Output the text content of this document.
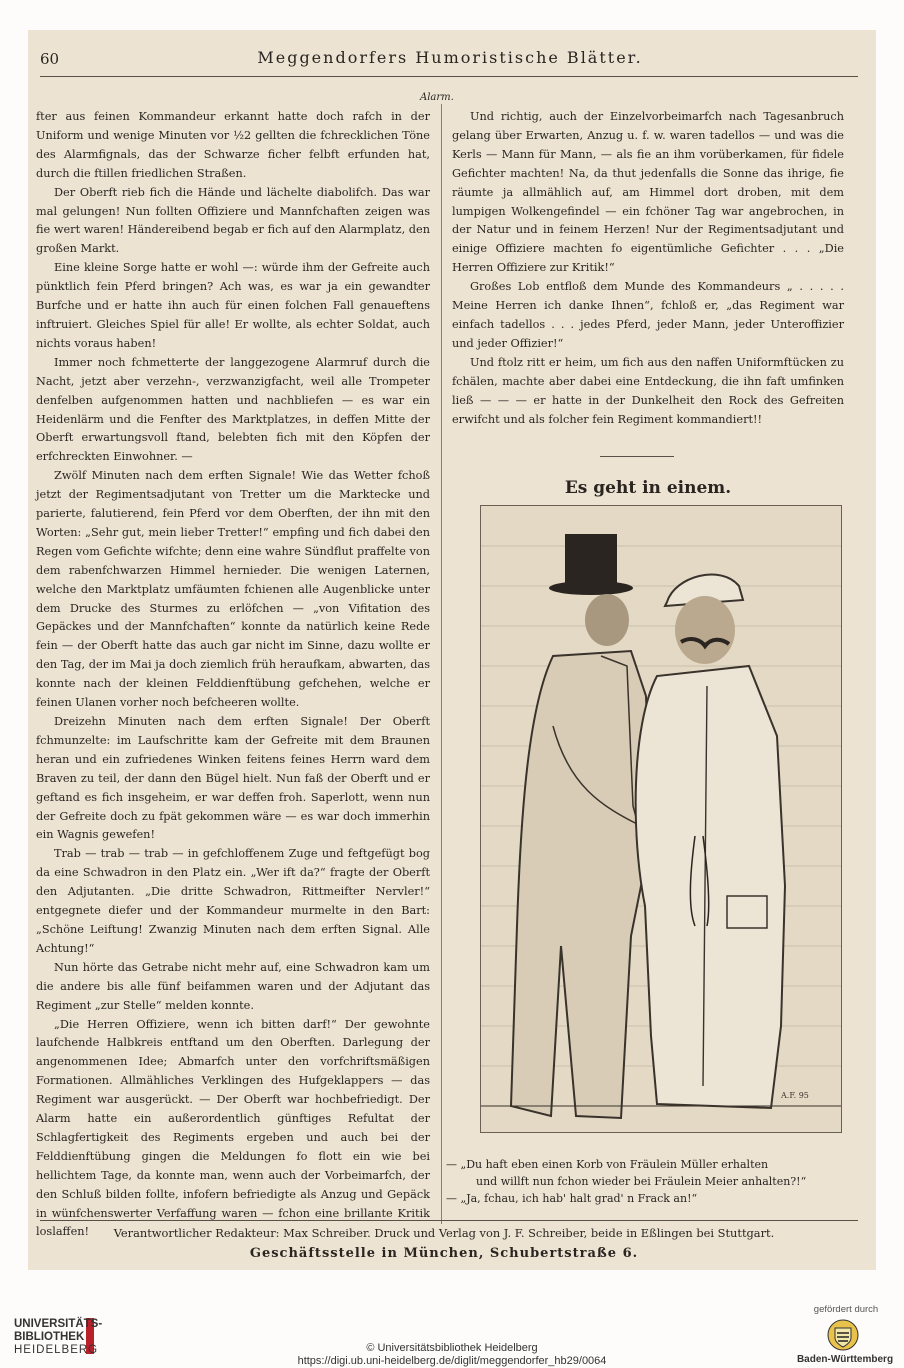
60	Meggendorfers Humoristische Blätter.
Alarm.

fter aus feinen Kommandeur erkannt hatte doch rafch in der Uniform und wenige Minuten vor ½2 gellten die fchrecklichen Töne des Alarmfignals, das der Schwarze ficher felbft erfunden hat, durch die ftillen friedlichen Straßen.

Der Oberft rieb fich die Hände und lächelte diabolifch. Das war mal gelungen! Nun follten Offiziere und Mannfchaften zeigen was fie wert waren! Händereibend begab er fich auf den Alarmplatz, den großen Markt.

Eine kleine Sorge hatte er wohl —: würde ihm der Gefreite auch pünktlich fein Pferd bringen? Ach was, es war ja ein gewandter Burfche und er hatte ihn auch für einen folchen Fall genaueftens inftruiert. Gleiches Spiel für alle! Er wollte, als echter Soldat, auch nichts voraus haben!

Immer noch fchmetterte der langgezogene Alarmruf durch die Nacht, jetzt aber verzehn-, verzwanzigfacht, weil alle Trompeter denfelben aufgenommen hatten und nachbliefen — es war ein Heidenlärm und die Fenfter des Marktplatzes, in deffen Mitte der Oberft erwartungsvoll ftand, belebten fich mit den Köpfen der erfchreckten Einwohner. —

Zwölf Minuten nach dem erften Signale! Wie das Wetter fchoß jetzt der Regimentsadjutant von Tretter um die Marktecke und parierte, falutierend, fein Pferd vor dem Oberften, der ihn mit den Worten: „Sehr gut, mein lieber Tretter!“ empfing und fich dabei den Regen vom Gefichte wifchte; denn eine wahre Sündflut praffelte von dem rabenfchwarzen Himmel hernieder. Die wenigen Laternen, welche den Marktplatz umfäumten fchienen alle Augenblicke unter dem Drucke des Sturmes zu erlöfchen — „von Vifitation des Gepäckes und der Mannfchaften“ konnte da natürlich keine Rede fein — der Oberft hatte das auch gar nicht im Sinne, dazu wollte er den Tag, der im Mai ja doch ziemlich früh heraufkam, abwarten, das konnte nach der kleinen Felddienftübung gefchehen, welche er feinen Ulanen vorher noch befcheeren wollte.

Dreizehn Minuten nach dem erften Signale! Der Oberft fchmunzelte: im Laufschritte kam der Gefreite mit dem Braunen heran und ein zufriedenes Winken feitens feines Herrn ward dem Braven zu teil, der dann den Bügel hielt. Nun faß der Oberft und er geftand es fich insgeheim, er war deffen froh. Saperlott, wenn nun der Gefreite doch zu fpät gekommen wäre — es war doch immerhin ein Wagnis gewefen!

Trab — trab — trab — in gefchloffenem Zuge und feftgefügt bog da eine Schwadron in den Platz ein. „Wer ift da?“ fragte der Oberft den Adjutanten. „Die dritte Schwadron, Rittmeifter Nervler!“ entgegnete diefer und der Kommandeur murmelte in den Bart: „Schöne Leiftung! Zwanzig Minuten nach dem erften Signal. Alle Achtung!“

Nun hörte das Getrabe nicht mehr auf, eine Schwadron kam um die andere bis alle fünf beifammen waren und der Adjutant das Regiment „zur Stelle“ melden konnte.

„Die Herren Offiziere, wenn ich bitten darf!“ Der gewohnte laufchende Halbkreis entftand um den Oberften. Darlegung der angenommenen Idee; Abmarfch unter den vorfchriftsmäßigen Formationen. Allmähliches Verklingen des Hufgeklappers — das Regiment war ausgerückt. — Der Oberft war hochbefriedigt. Der Alarm hatte ein außerordentlich günftiges Refultat der Schlagfertigkeit des Regiments ergeben und auch bei der Felddienftübung gingen die Meldungen fo flott ein wie bei hellichtem Tage, da konnte man, wenn auch der Vorbeimarfch, der den Schluß bilden follte, infofern befriedigte als Anzug und Gepäck in wünfchenswerter Verfaffung waren — fchon eine brillante Kritik loslaffen!

Und richtig, auch der Einzelvorbeimarfch nach Tagesanbruch gelang über Erwarten, Anzug u. f. w. waren tadellos — und was die Kerls — Mann für Mann, — als fie an ihm vorüberkamen, für fidele Gefichter machten! Na, da thut jedenfalls die Sonne das ihrige, fie räumte ja allmählich auf, am Himmel dort droben, mit dem lumpigen Wolkengefindel — ein fchöner Tag war angebrochen, in der Natur und in feinem Herzen! Nur der Regimentsadjutant und einige Offiziere machten fo eigentümliche Gefichter . . . „Die Herren Offiziere zur Kritik!“

Großes Lob entfloß dem Munde des Kommandeurs „ . . . . . Meine Herren ich danke Ihnen“, fchloß er, „das Regiment war einfach tadellos . . . jedes Pferd, jeder Mann, jeder Unteroffizier und jeder Offizier!“

Und ftolz ritt er heim, um fich aus den naffen Uniformftücken zu fchälen, machte aber dabei eine Entdeckung, die ihn faft umfinken ließ — — — er hatte in der Dunkelheit den Rock des Gefreiten erwifcht und als folcher fein Regiment kommandiert!!

Es geht in einem.
A.F. 95
— „Du haft eben einen Korb von Fräulein Müller erhalten
und willft nun fchon wieder bei Fräulein Meier anhalten?!“
— „Ja, fchau, ich hab' halt grad' n Frack an!“
Verantwortlicher Redakteur: Max Schreiber. Druck und Verlag von J. F. Schreiber, beide in Eßlingen bei Stuttgart.
Geschäftsstelle in München, Schubertstraße 6.
UNIVERSITÄTS-
BIBLIOTHEK
HEIDELBERG	© Universitätsbibliothek Heidelberg
https://digi.ub.uni-heidelberg.de/diglit/meggendorfer_hb29/0064
gefördert durch
Baden-Württemberg
